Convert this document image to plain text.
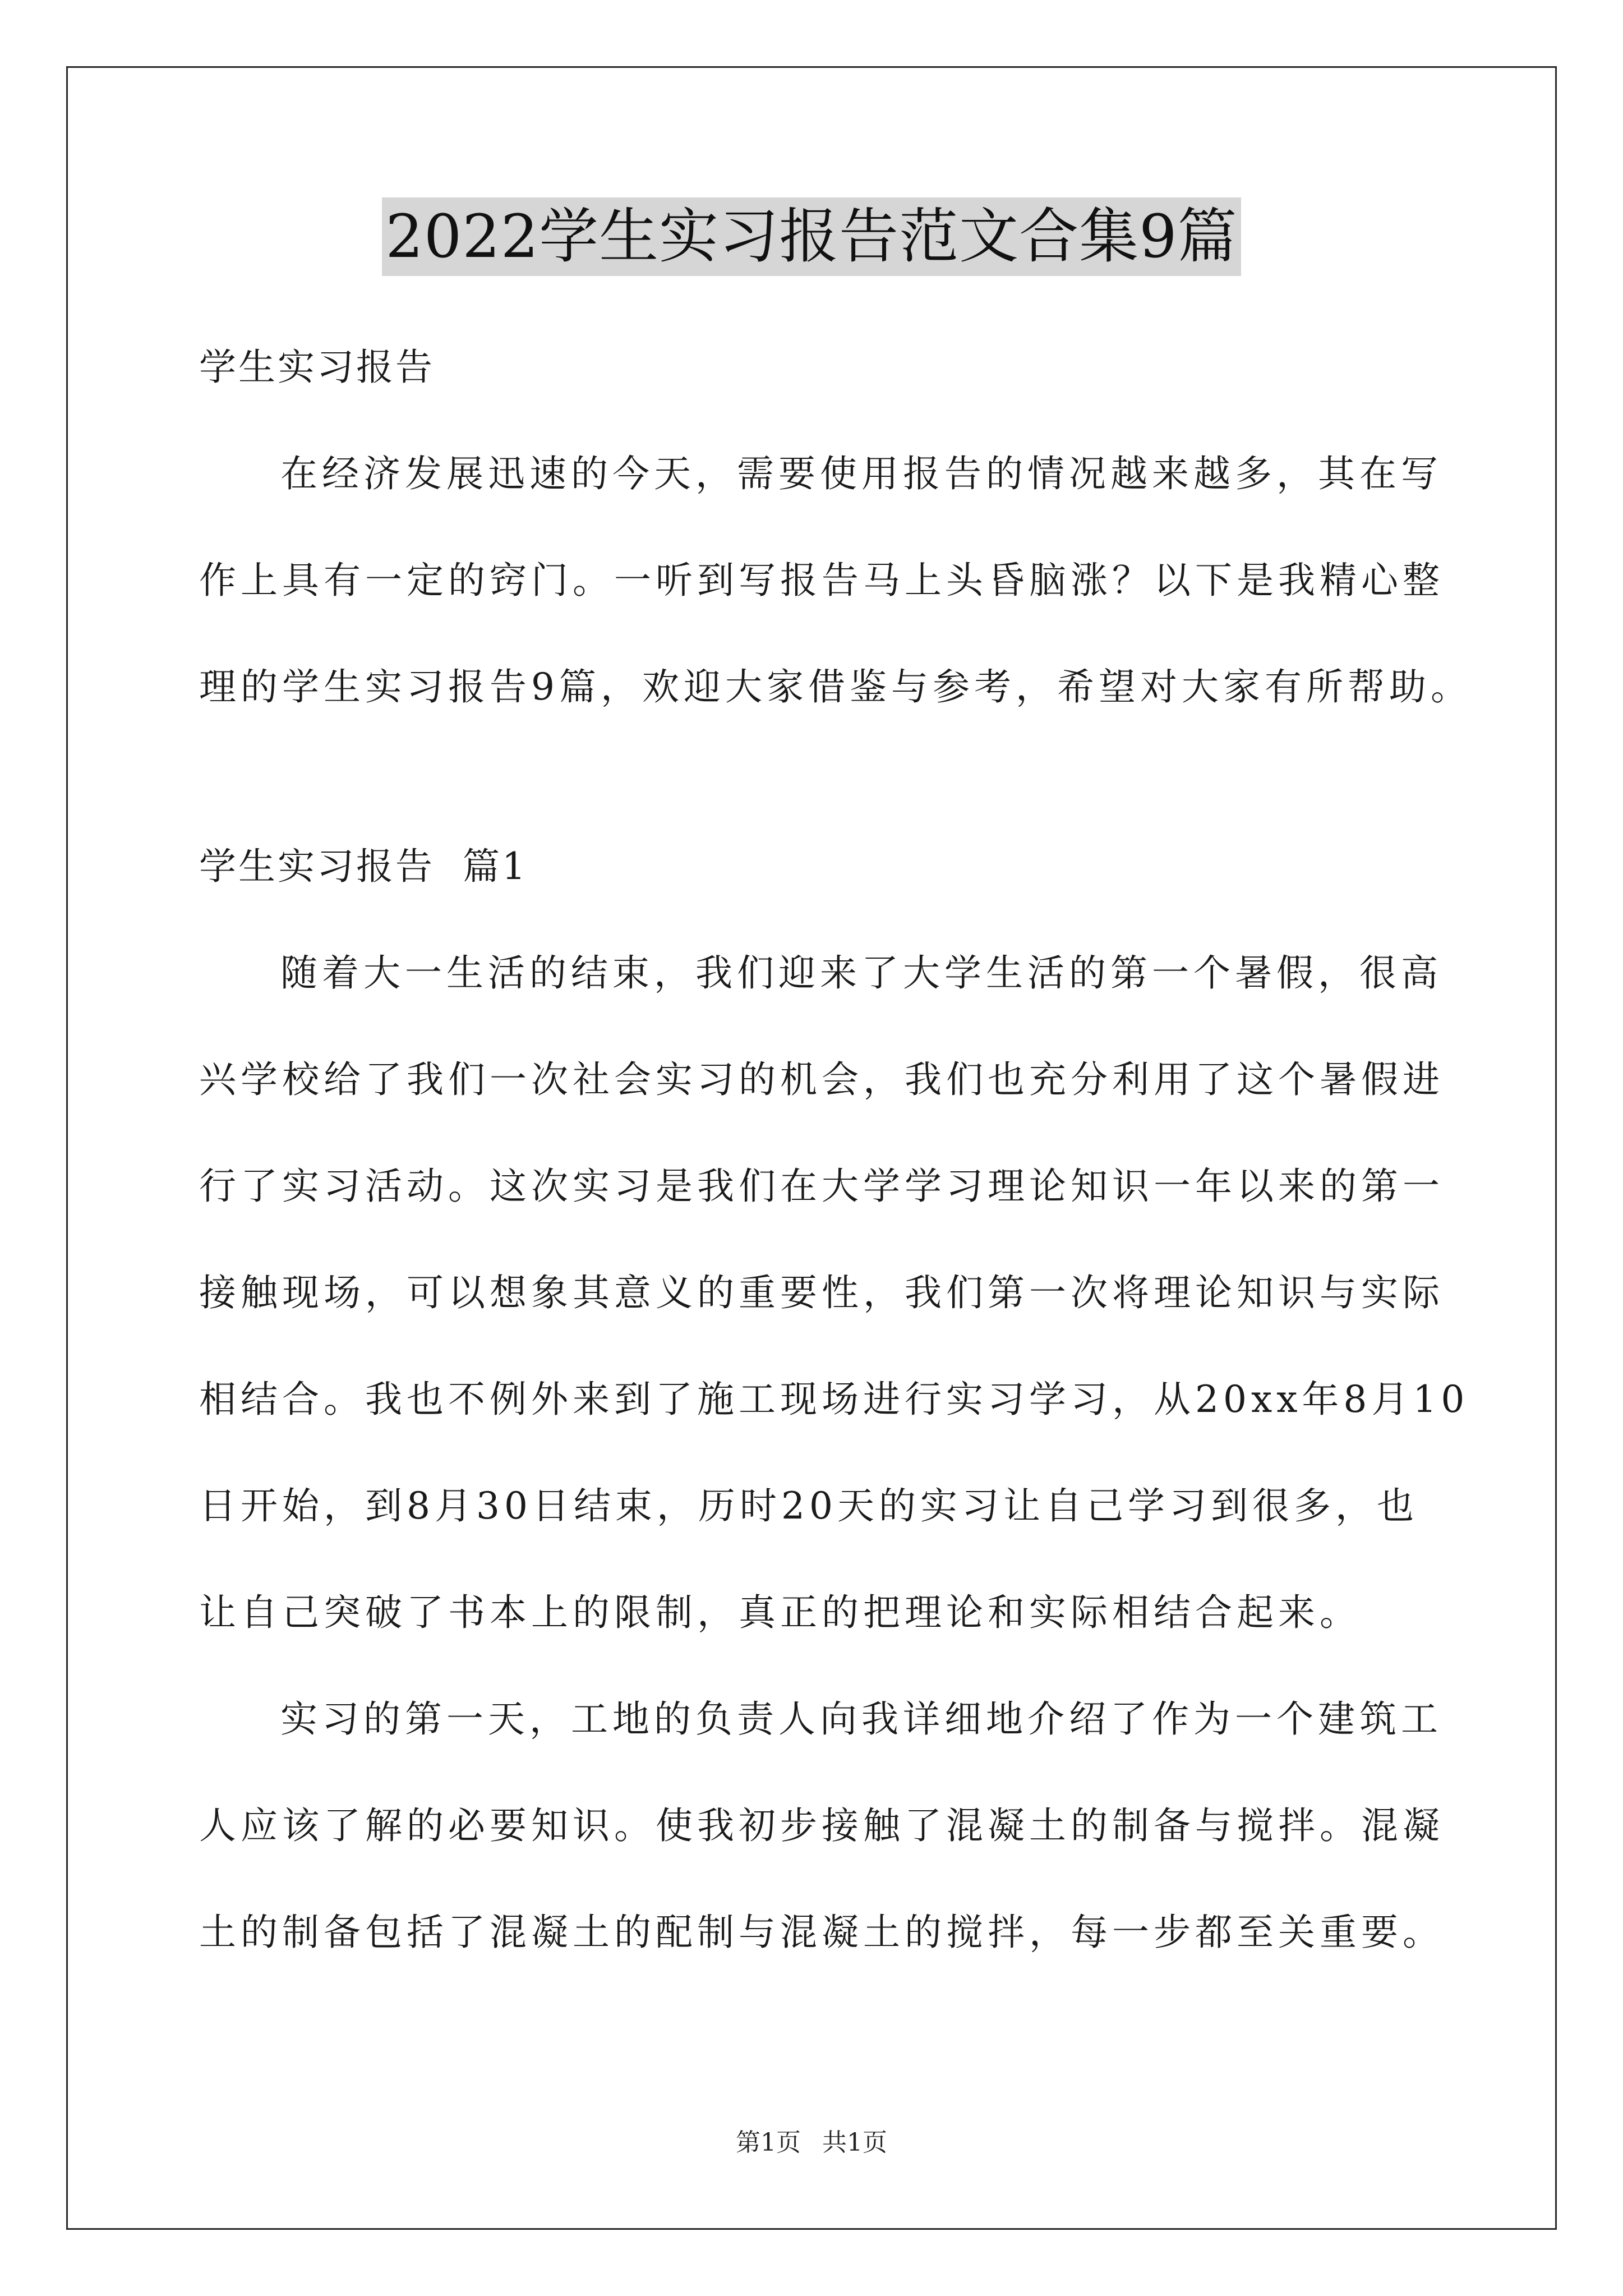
2022学生实习报告范文合集9篇
学生实习报告
在经济发展迅速的今天，需要使用报告的情况越来越多，其在写
作上具有一定的窍门。一听到写报告马上头昏脑涨？以下是我精心整
理的学生实习报告9篇，欢迎大家借鉴与参考，希望对大家有所帮助。
学生实习报告  篇1
随着大一生活的结束，我们迎来了大学生活的第一个暑假，很高
兴学校给了我们一次社会实习的机会，我们也充分利用了这个暑假进
行了实习活动。这次实习是我们在大学学习理论知识一年以来的第一
接触现场，可以想象其意义的重要性，我们第一次将理论知识与实际
相结合。我也不例外来到了施工现场进行实习学习，从20xx年8月10
日开始，到8月30日结束，历时20天的实习让自己学习到很多，也
让自己突破了书本上的限制，真正的把理论和实际相结合起来。
实习的第一天，工地的负责人向我详细地介绍了作为一个建筑工
人应该了解的必要知识。使我初步接触了混凝土的制备与搅拌。混凝
土的制备包括了混凝土的配制与混凝土的搅拌，每一步都至关重要。
第1页 共1页
